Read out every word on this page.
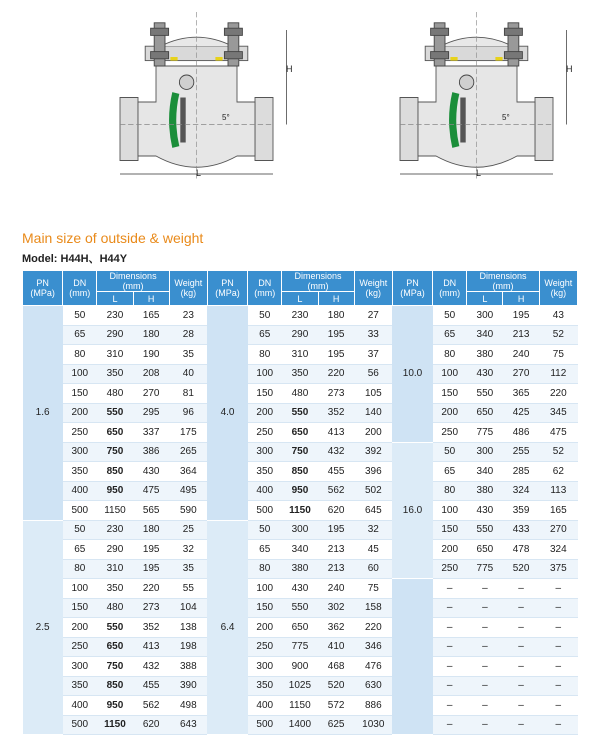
H
L
5°
H
L
5°
Main size of outside & weight
Model: H44H、H44Y
PN
(MPa)	DN
(mm)	Dimensions
(mm)		Weight
(kg)	PN
(MPa)	DN
(mm)	Dimensions
(mm)		Weight
(kg)	PN
(MPa)	DN
(mm)	Dimensions
(mm)		Weight
(kg)
		L	H				L	H				L	H	
1.6	50	230	165	23	4.0	50	230	180	27	10.0	50	300	195	43
	65	290	180	28		65	290	195	33		65	340	213	52
	80	310	190	35		80	310	195	37		80	380	240	75
	100	350	208	40		100	350	220	56		100	430	270	112
	150	480	270	81		150	480	273	105		150	550	365	220
	200	550	295	96		200	550	352	140		200	650	425	345
	250	650	337	175		250	650	413	200		250	775	486	475
	300	750	386	265		300	750	432	392	16.0	50	300	255	52
	350	850	430	364		350	850	455	396		65	340	285	62
	400	950	475	495		400	950	562	502		80	380	324	113
	500	1150	565	590		500	1150	620	645		100	430	359	165
2.5	50	230	180	25	6.4	50	300	195	32		150	550	433	270
	65	290	195	32		65	340	213	45		200	650	478	324
	80	310	195	35		80	380	213	60		250	775	520	375
	100	350	220	55		100	430	240	75		–	–	–	–
	150	480	273	104		150	550	302	158		–	–	–	–
	200	550	352	138		200	650	362	220		–	–	–	–
	250	650	413	198		250	775	410	346		–	–	–	–
	300	750	432	388		300	900	468	476		–	–	–	–
	350	850	455	390		350	1025	520	630		–	–	–	–
	400	950	562	498		400	1150	572	886		–	–	–	–
	500	1150	620	643		500	1400	625	1030		–	–	–	–
